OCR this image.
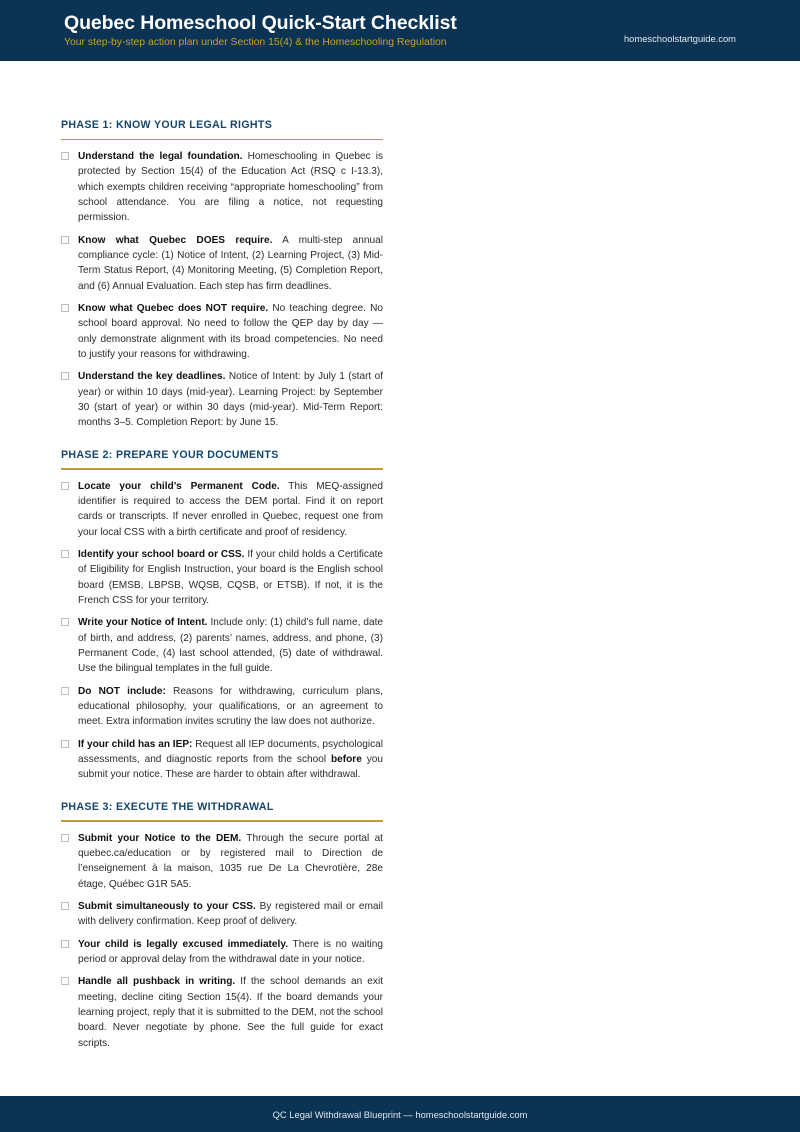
Quebec Homeschool Quick-Start Checklist
Your step-by-step action plan under Section 15(4) & the Homeschooling Regulation	homeschoolstartguide.com
PHASE 1: KNOW YOUR LEGAL RIGHTS
Understand the legal foundation. Homeschooling in Quebec is protected by Section 15(4) of the Education Act (RSQ c I-13.3), which exempts children receiving “appropriate homeschooling” from school attendance. You are filing a notice, not requesting permission.
Know what Quebec DOES require. A multi-step annual compliance cycle: (1) Notice of Intent, (2) Learning Project, (3) Mid-Term Status Report, (4) Monitoring Meeting, (5) Completion Report, and (6) Annual Evaluation. Each step has firm deadlines.
Know what Quebec does NOT require. No teaching degree. No school board approval. No need to follow the QEP day by day — only demonstrate alignment with its broad competencies. No need to justify your reasons for withdrawing.
Understand the key deadlines. Notice of Intent: by July 1 (start of year) or within 10 days (mid-year). Learning Project: by September 30 (start of year) or within 30 days (mid-year). Mid-Term Report: months 3–5. Completion Report: by June 15.
PHASE 2: PREPARE YOUR DOCUMENTS
Locate your child’s Permanent Code. This MEQ-assigned identifier is required to access the DEM portal. Find it on report cards or transcripts. If never enrolled in Quebec, request one from your local CSS with a birth certificate and proof of residency.
Identify your school board or CSS. If your child holds a Certificate of Eligibility for English Instruction, your board is the English school board (EMSB, LBPSB, WQSB, CQSB, or ETSB). If not, it is the French CSS for your territory.
Write your Notice of Intent. Include only: (1) child’s full name, date of birth, and address, (2) parents’ names, address, and phone, (3) Permanent Code, (4) last school attended, (5) date of withdrawal. Use the bilingual templates in the full guide.
Do NOT include: Reasons for withdrawing, curriculum plans, educational philosophy, your qualifications, or an agreement to meet. Extra information invites scrutiny the law does not authorize.
If your child has an IEP: Request all IEP documents, psychological assessments, and diagnostic reports from the school before you submit your notice. These are harder to obtain after withdrawal.
PHASE 3: EXECUTE THE WITHDRAWAL
Submit your Notice to the DEM. Through the secure portal at quebec.ca/education or by registered mail to Direction de l’enseignement à la maison, 1035 rue De La Chevrotière, 28e étage, Québec G1R 5A5.
Submit simultaneously to your CSS. By registered mail or email with delivery confirmation. Keep proof of delivery.
Your child is legally excused immediately. There is no waiting period or approval delay from the withdrawal date in your notice.
Handle all pushback in writing. If the school demands an exit meeting, decline citing Section 15(4). If the board demands your learning project, reply that it is submitted to the DEM, not the school board. Never negotiate by phone. See the full guide for exact scripts.
QC Legal Withdrawal Blueprint — homeschoolstartguide.com
